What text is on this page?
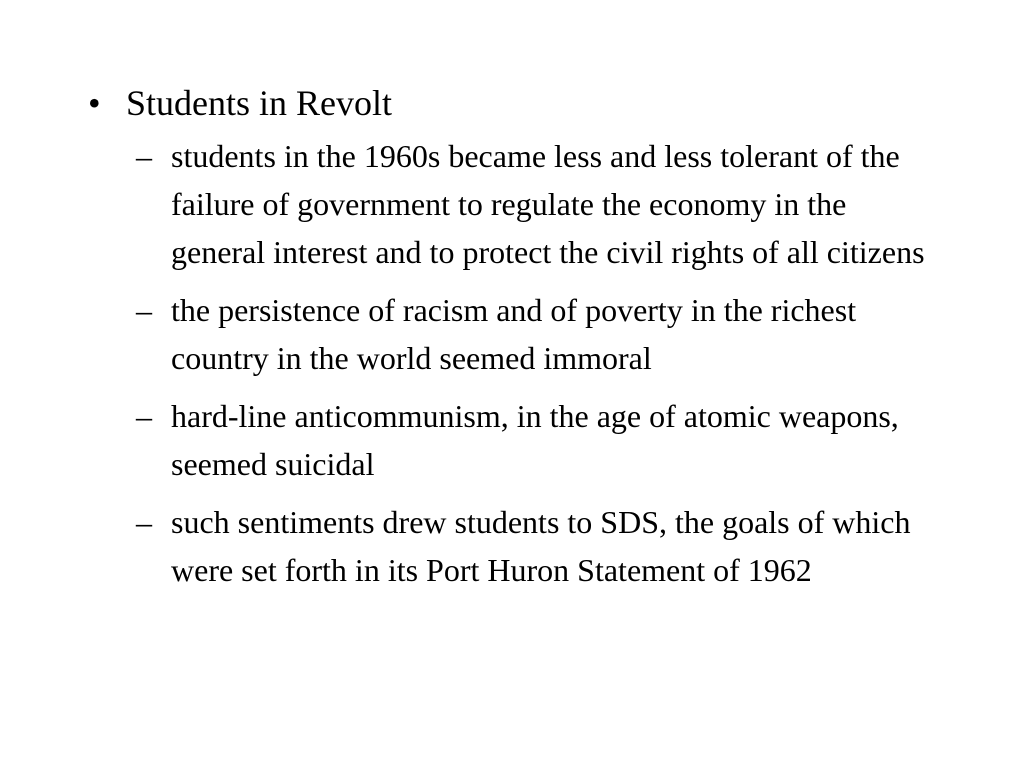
• Students in Revolt
– students in the 1960s became less and less tolerant of the failure of government to regulate the economy in the general interest and to protect the civil rights of all citizens
– the persistence of racism and of poverty in the richest country in the world seemed immoral
– hard-line anticommunism, in the age of atomic weapons, seemed suicidal
– such sentiments drew students to SDS, the goals of which were set forth in its Port Huron Statement of 1962
